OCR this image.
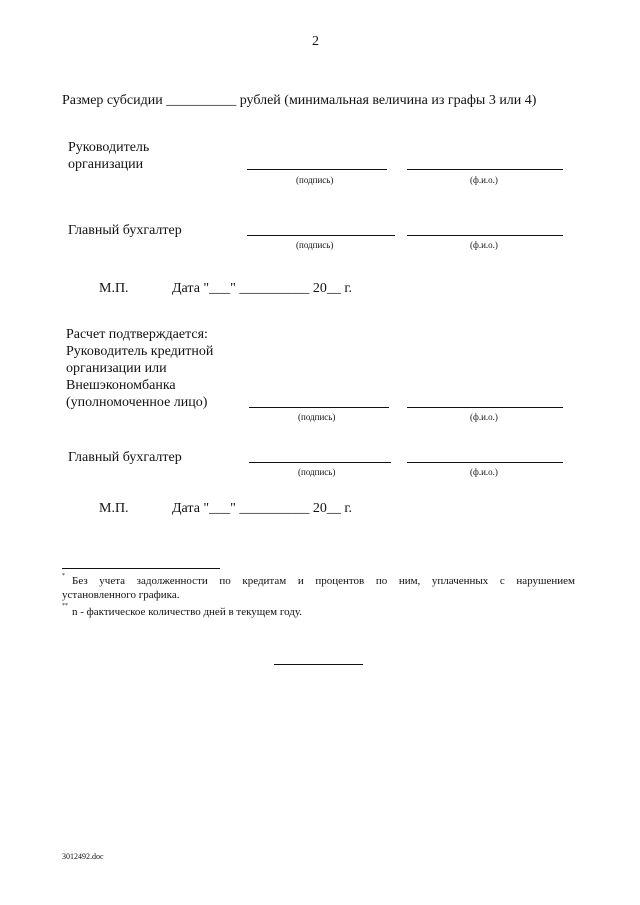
2
Размер субсидии __________ рублей (минимальная величина из графы 3 или 4)
Руководитель
организации
(подпись)	(ф.и.о.)
Главный бухгалтер
(подпись)	(ф.и.о.)
М.П.	Дата "___" __________ 20__ г.
Расчет подтверждается:
Руководитель кредитной
организации или
Внешэкономбанка
(уполномоченное лицо)
(подпись)	(ф.и.о.)
Главный бухгалтер
(подпись)	(ф.и.о.)
М.П.	Дата "___" __________ 20__ г.
* Без учета задолженности по кредитам и процентов по ним, уплаченных с нарушением
установленного графика.
** n - фактическое количество дней в текущем году.
3012492.doc
